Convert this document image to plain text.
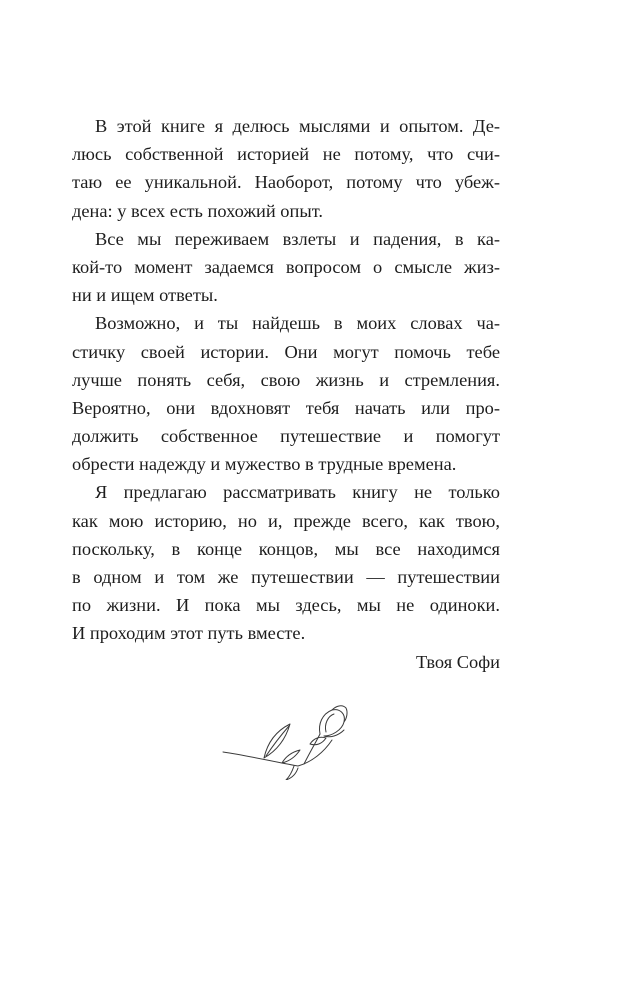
В этой книге я делюсь мыслями и опытом. Де-
люсь собственной историей не потому, что счи-
таю ее уникальной. Наоборот, потому что убеж-
дена: у всех есть похожий опыт.
Все мы переживаем взлеты и падения, в ка-
кой-то момент задаемся вопросом о смысле жиз-
ни и ищем ответы.
Возможно, и ты найдешь в моих словах ча-
стичку своей истории. Они могут помочь тебе
лучше понять себя, свою жизнь и стремления.
Вероятно, они вдохновят тебя начать или про-
должить собственное путешествие и помогут
обрести надежду и мужество в трудные времена.
Я предлагаю рассматривать книгу не только
как мою историю, но и, прежде всего, как твою,
поскольку, в конце концов, мы все находимся
в одном и том же путешествии — путешествии
по жизни. И пока мы здесь, мы не одиноки.
И проходим этот путь вместе.
Твоя Софи
